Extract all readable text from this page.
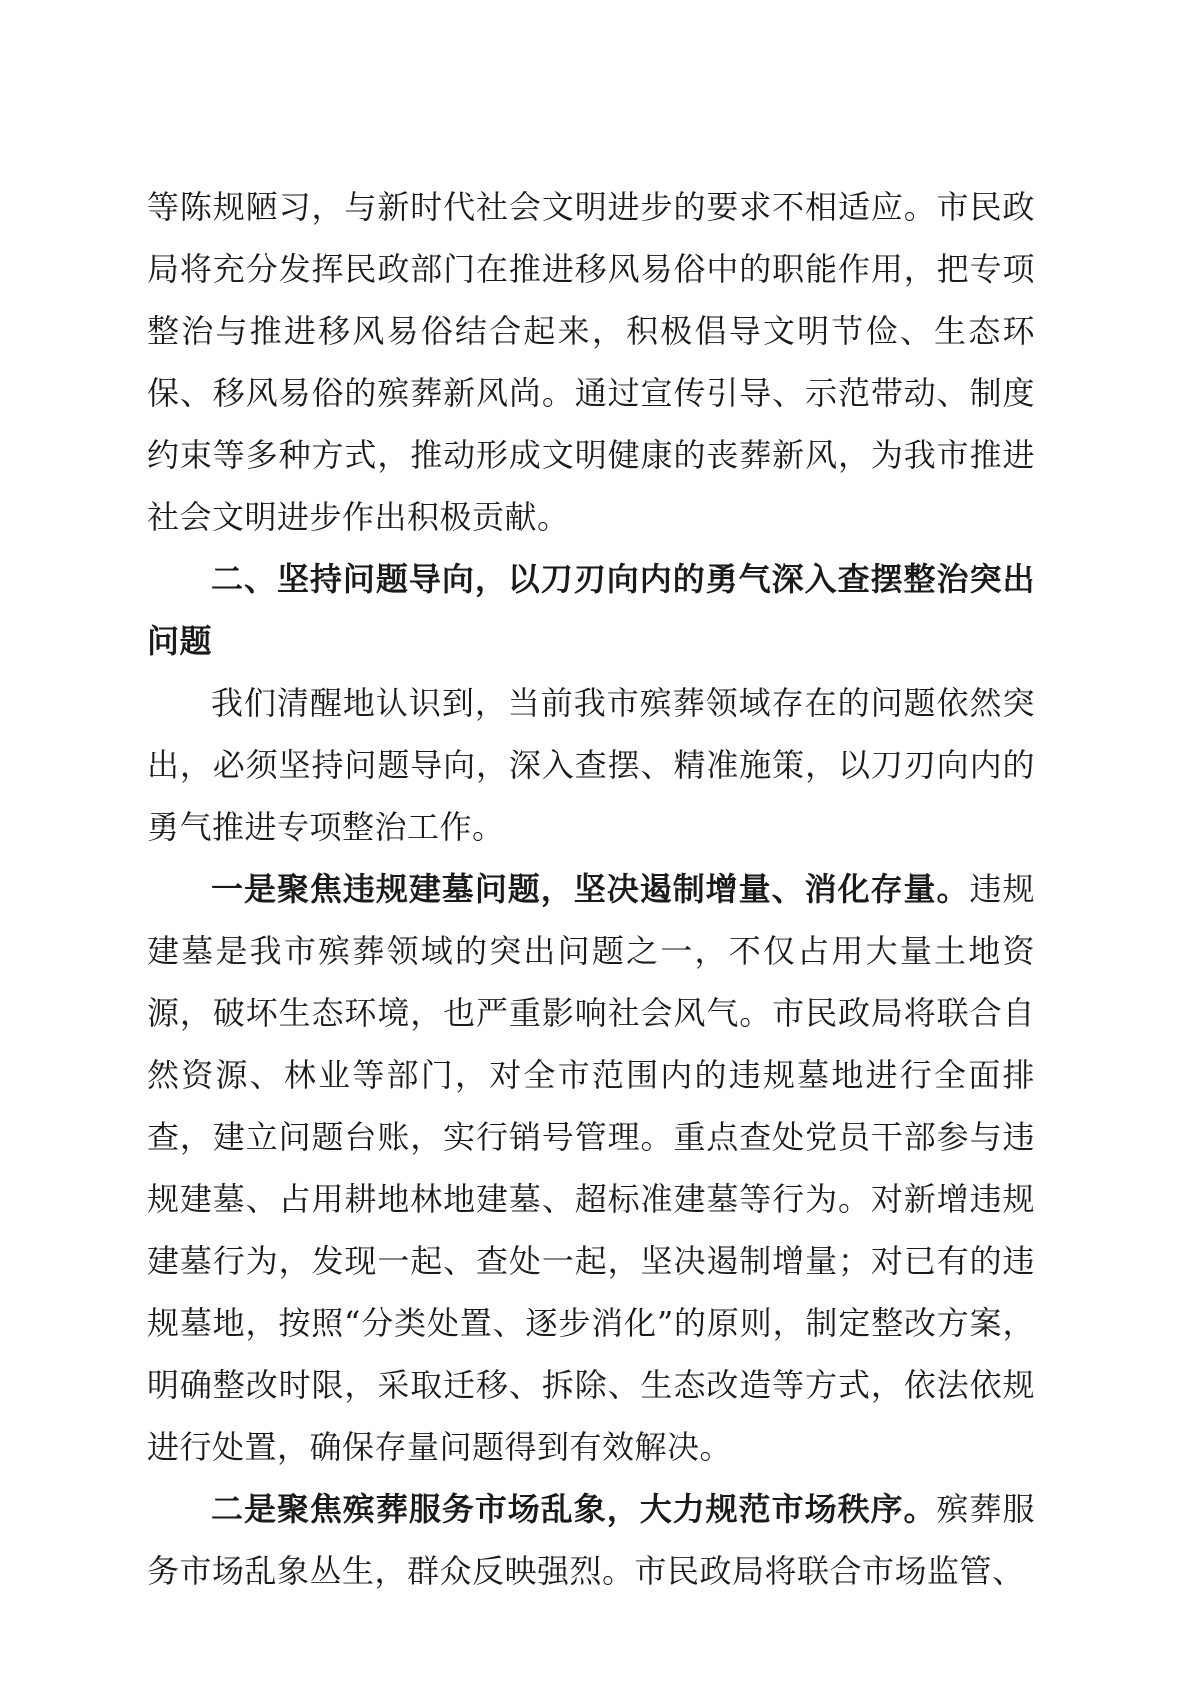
等陈规陋习，与新时代社会文明进步的要求不相适应。市民政局将充分发挥民政部门在推进移风易俗中的职能作用，把专项整治与推进移风易俗结合起来，积极倡导文明节俭、生态环保、移风易俗的殡葬新风尚。通过宣传引导、示范带动、制度约束等多种方式，推动形成文明健康的丧葬新风，为我市推进社会文明进步作出积极贡献。

二、坚持问题导向，以刀刃向内的勇气深入查摆整治突出问题

我们清醒地认识到，当前我市殡葬领域存在的问题依然突出，必须坚持问题导向，深入查摆、精准施策，以刀刃向内的勇气推进专项整治工作。

一是聚焦违规建墓问题，坚决遏制增量、消化存量。违规建墓是我市殡葬领域的突出问题之一，不仅占用大量土地资源，破坏生态环境，也严重影响社会风气。市民政局将联合自然资源、林业等部门，对全市范围内的违规墓地进行全面排查，建立问题台账，实行销号管理。重点查处党员干部参与违规建墓、占用耕地林地建墓、超标准建墓等行为。对新增违规建墓行为，发现一起、查处一起，坚决遏制增量；对已有的违规墓地，按照“分类处置、逐步消化”的原则，制定整改方案，明确整改时限，采取迁移、拆除、生态改造等方式，依法依规进行处置，确保存量问题得到有效解决。

二是聚焦殡葬服务市场乱象，大力规范市场秩序。殡葬服务市场乱象丛生，群众反映强烈。市民政局将联合市场监管、
